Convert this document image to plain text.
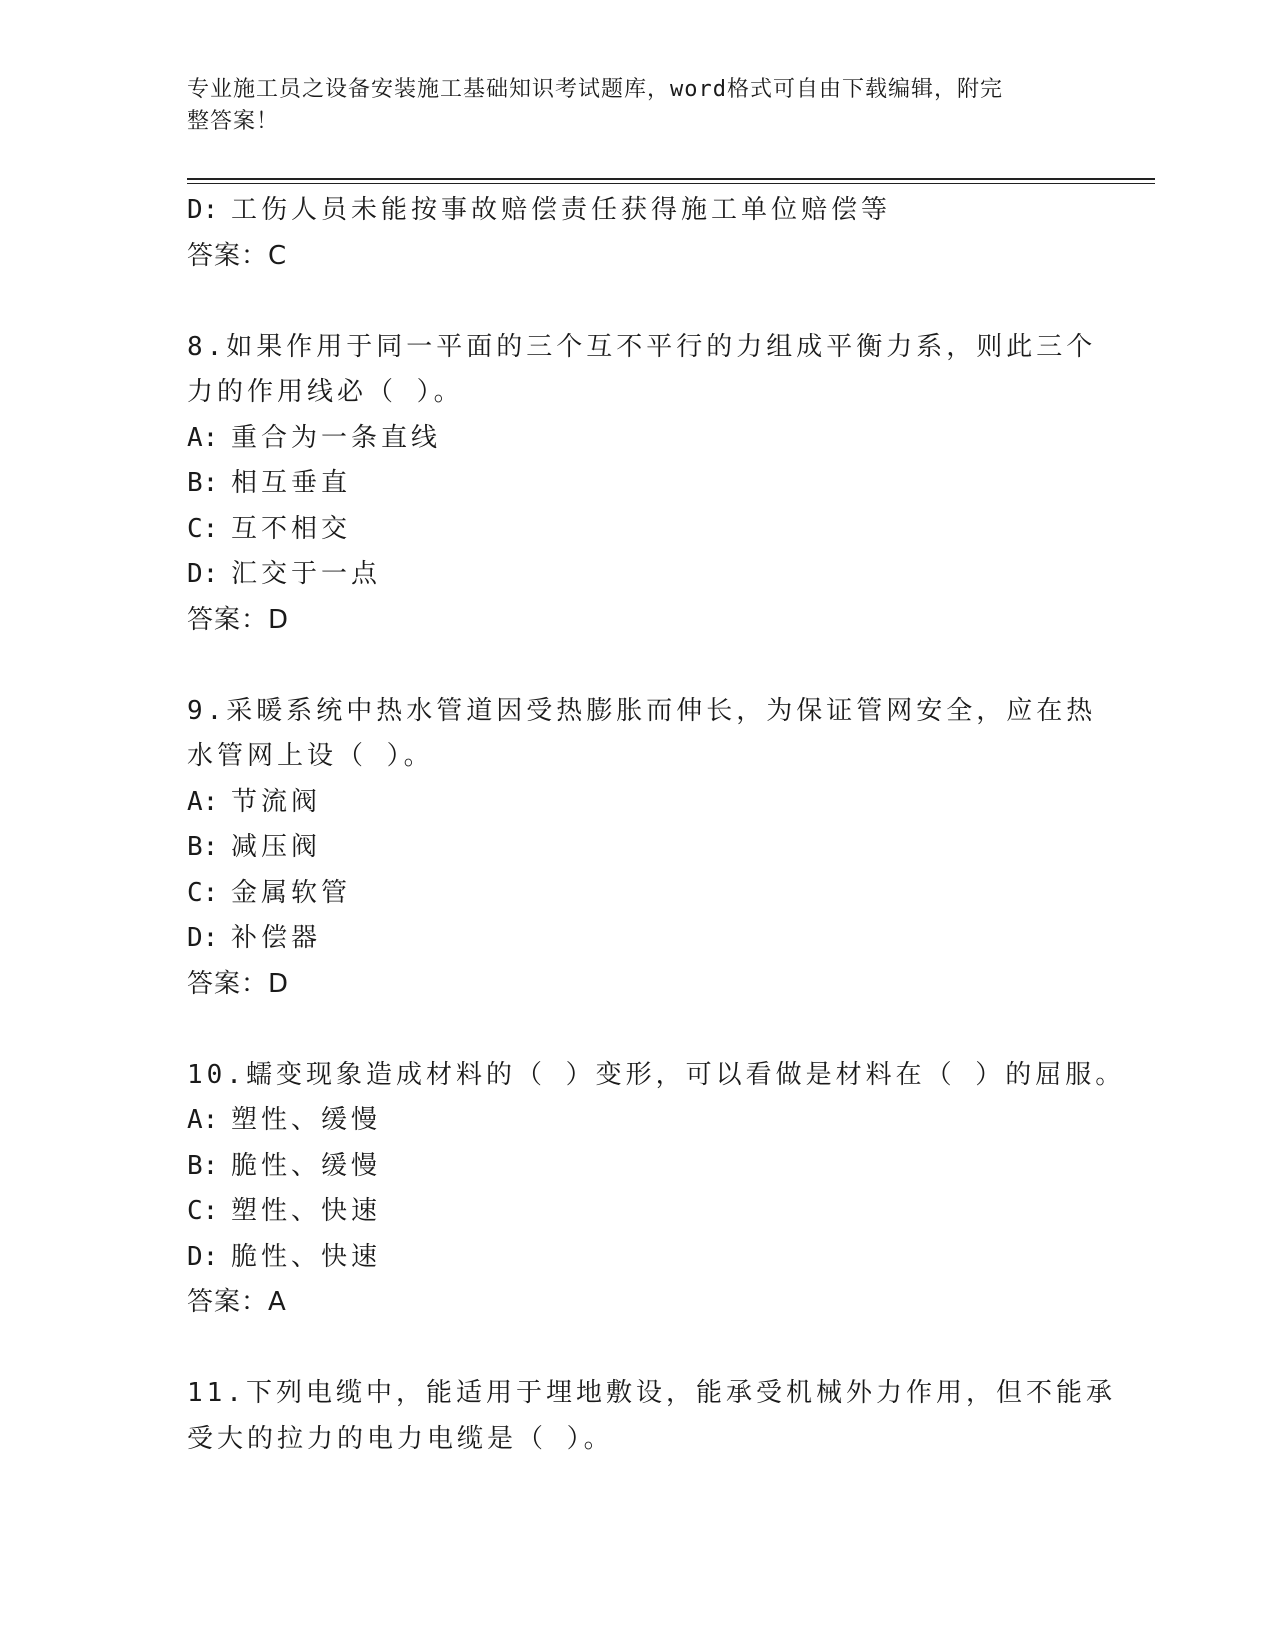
专业施工员之设备安装施工基础知识考试题库，word格式可自由下载编辑，附完
整答案！
D: 工伤人员未能按事故赔偿责任获得施工单位赔偿等
答案：C
8.如果作用于同一平面的三个互不平行的力组成平衡力系，则此三个
力的作用线必（ ）。
A: 重合为一条直线
B: 相互垂直
C: 互不相交
D: 汇交于一点
答案：D
9.采暖系统中热水管道因受热膨胀而伸长，为保证管网安全，应在热
水管网上设（ ）。
A: 节流阀
B: 减压阀
C: 金属软管
D: 补偿器
答案：D
10.蠕变现象造成材料的（ ）变形，可以看做是材料在（ ）的屈服。
A: 塑性、缓慢
B: 脆性、缓慢
C: 塑性、快速
D: 脆性、快速
答案：A
11.下列电缆中，能适用于埋地敷设，能承受机械外力作用，但不能承
受大的拉力的电力电缆是（ ）。
